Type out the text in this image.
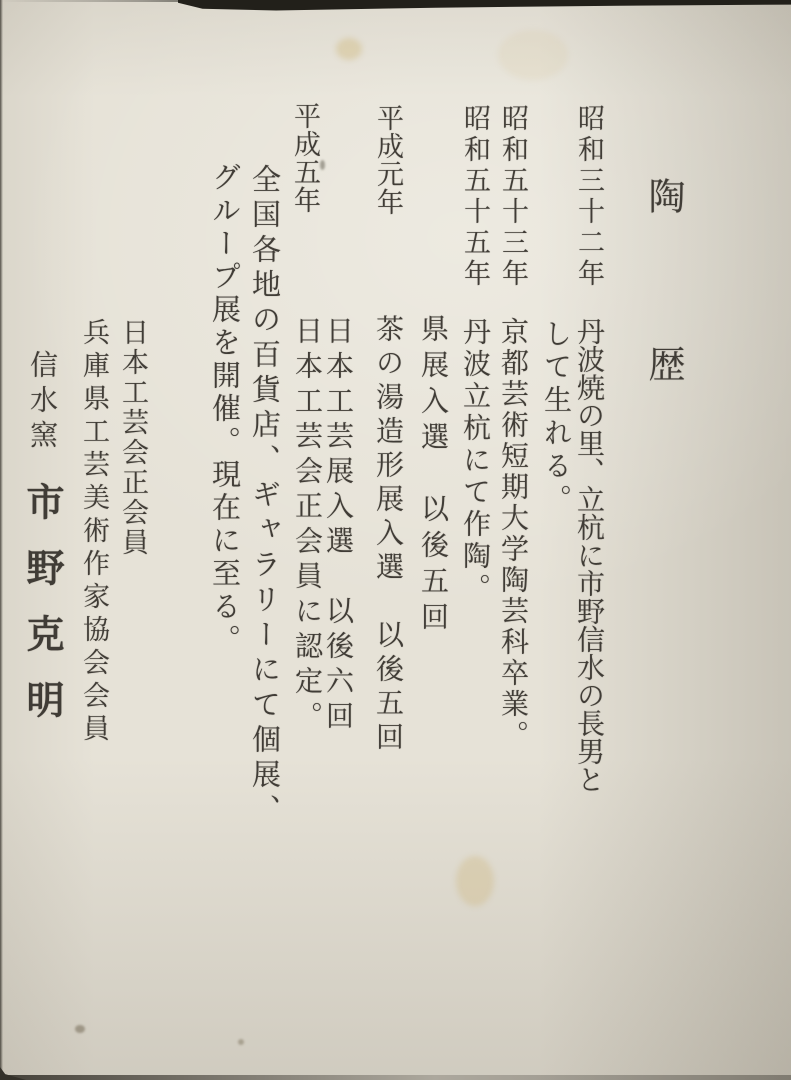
陶　歴
昭和三十二年
丹波焼の里、立杭に市野信水の長男と
して生れる。
昭和五十三年
京都芸術短期大学陶芸科卒業。
昭和五十五年
丹波立杭にて作陶。
県展入選　以後五回
平成元年
茶の湯造形展入選　以後五回
日本工芸展入選　以後六回
日本工芸会正会員に認定。
平成五年
全国各地の百貨店、ギャラリーにて個展、
グループ展を開催。現在に至る。
日本工芸会正会員
兵庫県工芸美術作家協会会員
信水窯
市野克明
